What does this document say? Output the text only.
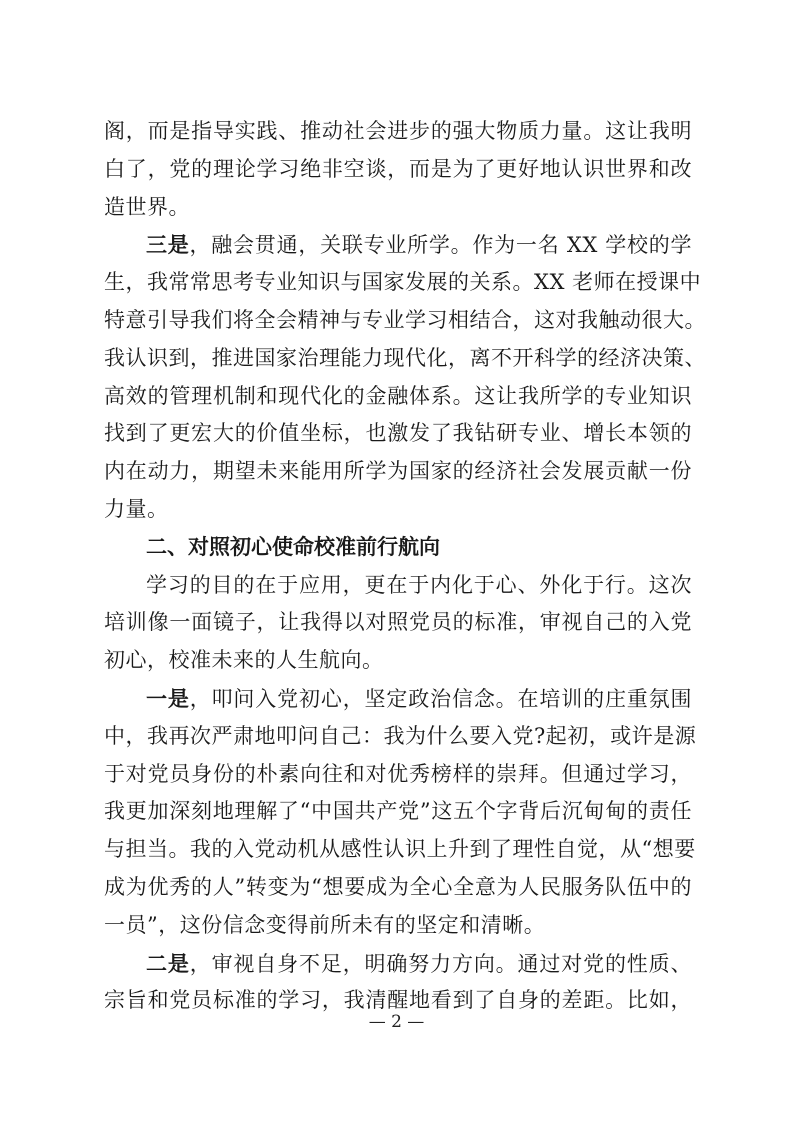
阁，而是指导实践、推动社会进步的强大物质力量。这让我明
白了，党的理论学习绝非空谈，而是为了更好地认识世界和改
造世界。
三是，融会贯通，关联专业所学。作为一名 XX 学校的学
生，我常常思考专业知识与国家发展的关系。XX 老师在授课中
特意引导我们将全会精神与专业学习相结合，这对我触动很大。
我认识到，推进国家治理能力现代化，离不开科学的经济决策、
高效的管理机制和现代化的金融体系。这让我所学的专业知识
找到了更宏大的价值坐标，也激发了我钻研专业、增长本领的
内在动力，期望未来能用所学为国家的经济社会发展贡献一份
力量。
二、对照初心使命校准前行航向
学习的目的在于应用，更在于内化于心、外化于行。这次
培训像一面镜子，让我得以对照党员的标准，审视自己的入党
初心，校准未来的人生航向。
一是，叩问入党初心，坚定政治信念。在培训的庄重氛围
中，我再次严肃地叩问自己：我为什么要入党?起初，或许是源
于对党员身份的朴素向往和对优秀榜样的崇拜。但通过学习，
我更加深刻地理解了“中国共产党”这五个字背后沉甸甸的责任
与担当。我的入党动机从感性认识上升到了理性自觉，从“想要
成为优秀的人”转变为“想要成为全心全意为人民服务队伍中的
一员”，这份信念变得前所未有的坚定和清晰。
二是，审视自身不足，明确努力方向。通过对党的性质、
宗旨和党员标准的学习，我清醒地看到了自身的差距。比如，
— 2 —
